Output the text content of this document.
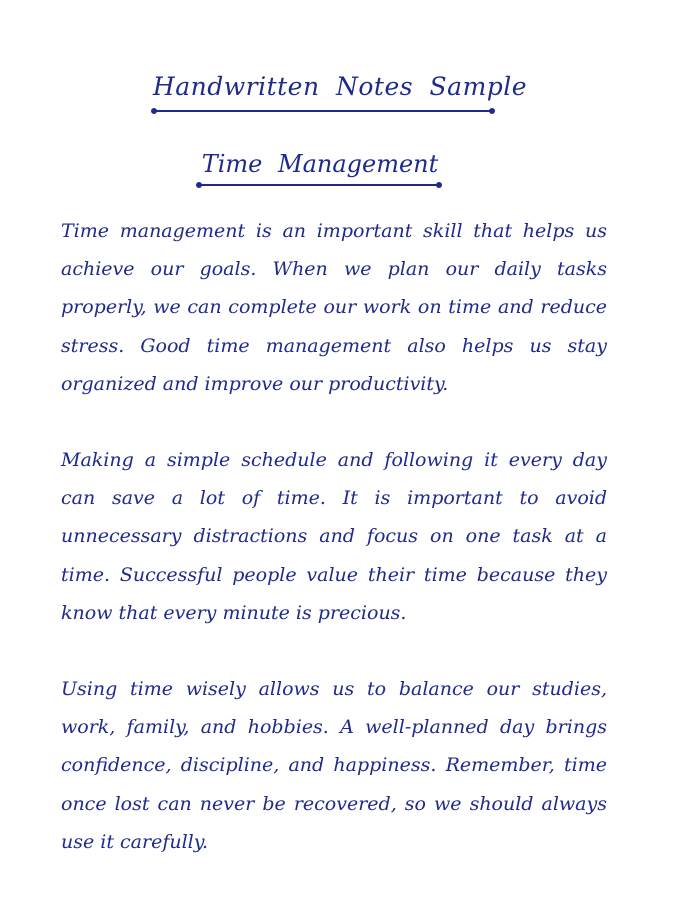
Handwritten Notes Sample
Time Management

Time management is an important skill that helps us achieve our goals. When we plan our daily tasks properly, we can complete our work on time and reduce stress. Good time management also helps us stay organized and improve our productivity.

Making a simple schedule and following it every day can save a lot of time. It is important to avoid unnecessary distractions and focus on one task at a time. Successful people value their time because they know that every minute is precious.

Using time wisely allows us to balance our studies, work, family, and hobbies. A well-planned day brings confidence, discipline, and happiness. Remember, time once lost can never be recovered, so we should always use it carefully.
